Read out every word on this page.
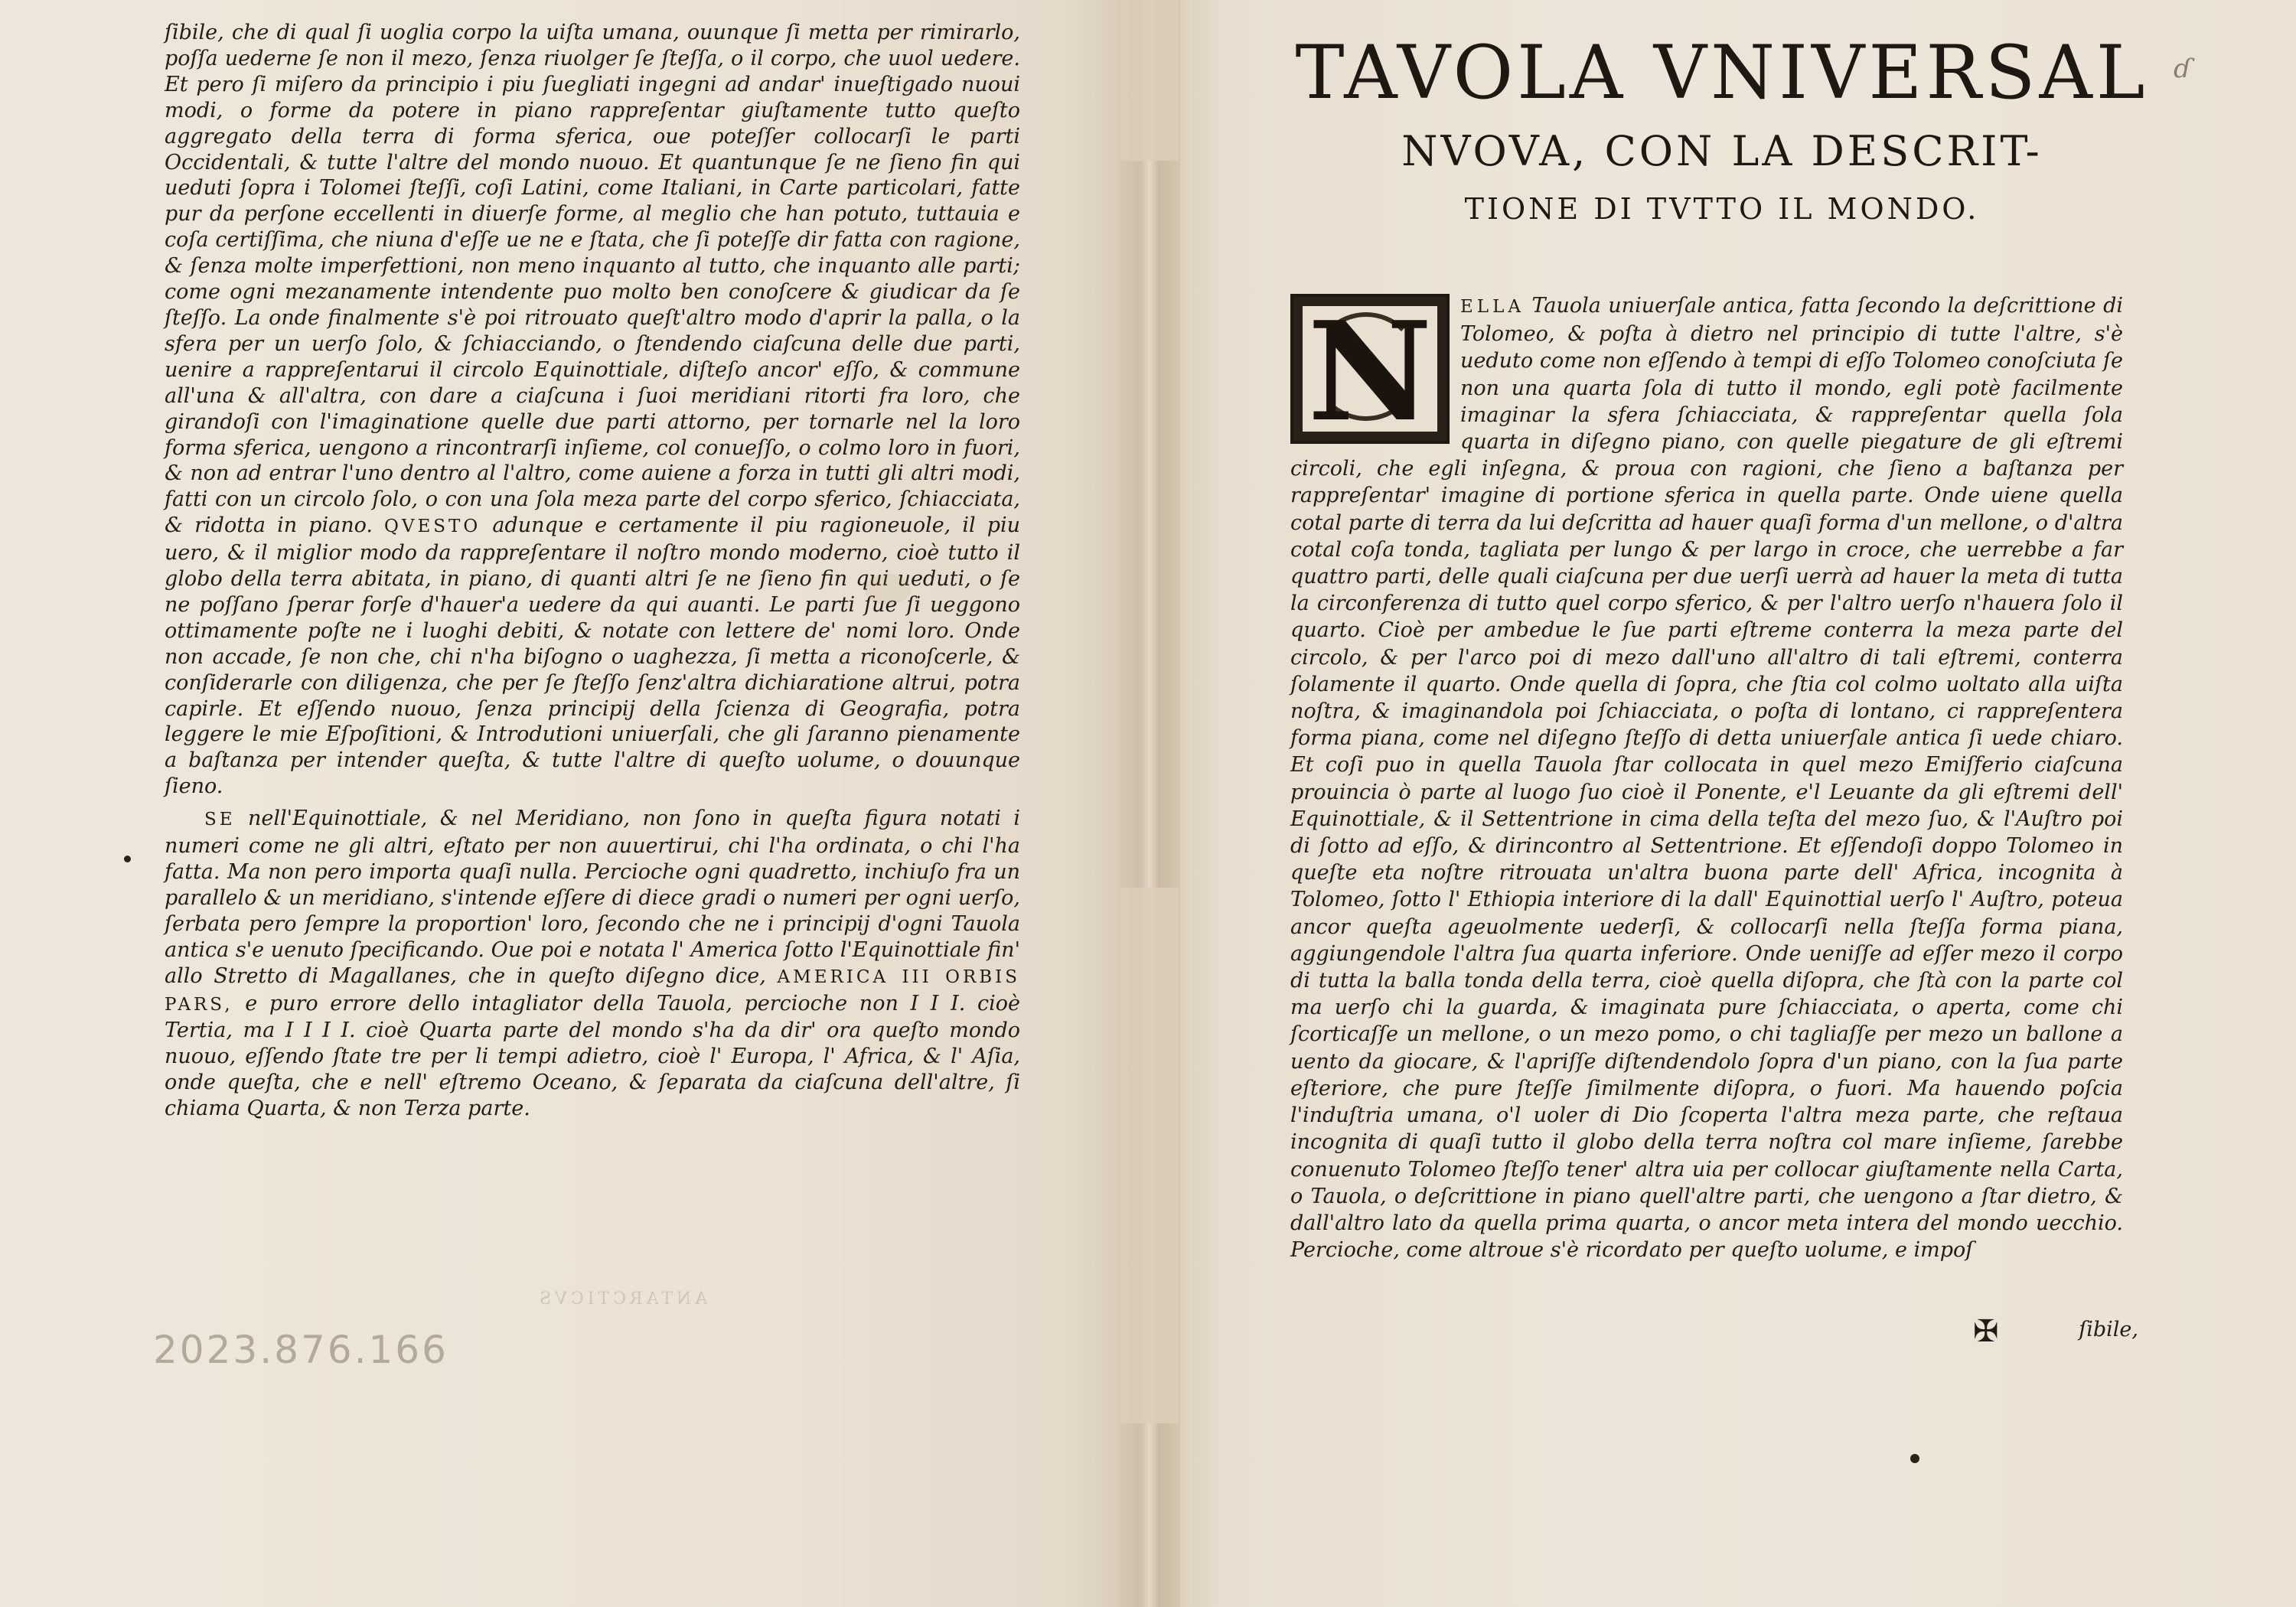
ſibile, che di qual ſi uoglia corpo la uiſta umana, ouunque ſi metta per rimirarlo, poſſa uederne ſe non il mezo, ſenza riuolger ſe ſteſſa, o il corpo, che uuol uedere. Et pero ſi miſero da principio i piu ſuegliati ingegni ad andar' inueſtigado nuoui modi, o forme da potere in piano rappreſentar giuſtamente tutto queſto aggregato della terra di forma sferica, oue poteſſer collocarſi le parti Occidentali, & tutte l'altre del mondo nuouo. Et quantunque ſe ne ſieno fin qui ueduti ſopra i Tolomei ſteſſi, coſi Latini, come Italiani, in Carte particolari, fatte pur da perſone eccellenti in diuerſe forme, al meglio che han potuto, tuttauia e coſa certiſſima, che niuna d'eſſe ue ne e ſtata, che ſi poteſſe dir fatta con ragione, & ſenza molte imperfettioni, non meno inquanto al tutto, che inquanto alle parti; come ogni mezanamente intendente puo molto ben conoſcere & giudicar da ſe ſteſſo. La onde finalmente s'è poi ritrouato queſt'altro modo d'aprir la palla, o la sfera per un uerſo ſolo, & ſchiacciando, o ſtendendo ciaſcuna delle due parti, uenire a rappreſentarui il circolo Equinottiale, diſteſo ancor' eſſo, & commune all'una & all'altra, con dare a ciaſcuna i ſuoi meridiani ritorti fra loro, che girandoſi con l'imaginatione quelle due parti attorno, per tornarle nel la loro forma sferica, uengono a rincontrarſi inſieme, col conueſſo, o colmo loro in fuori, & non ad entrar l'uno dentro al l'altro, come auiene a forza in tutti gli altri modi, fatti con un circolo ſolo, o con una ſola meza parte del corpo sferico, ſchiacciata, & ridotta in piano. QVESTO adunque e certamente il piu ragioneuole, il piu uero, & il miglior modo da rappreſentare il noſtro mondo moderno, cioè tutto il globo della terra abitata, in piano, di quanti altri ſe ne ſieno fin qui ueduti, o ſe ne poſſano ſperar forſe d'hauer'a uedere da qui auanti. Le parti ſue ſi ueggono ottimamente poſte ne i luoghi debiti, & notate con lettere de' nomi loro. Onde non accade, ſe non che, chi n'ha biſogno o uaghezza, ſi metta a riconoſcerle, & conſiderarle con diligenza, che per ſe ſteſſo ſenz'altra dichiaratione altrui, potra capirle. Et eſſendo nuouo, ſenza principij della ſcienza di Geografia, potra leggere le mie Eſpoſitioni, & Introdutioni uniuerſali, che gli ſaranno pienamente a baſtanza per intender queſta, & tutte l'altre di queſto uolume, o douunque ſieno.

SE nell'Equinottiale, & nel Meridiano, non ſono in queſta figura notati i numeri come ne gli altri, eſtato per non auuertirui, chi l'ha ordinata, o chi l'ha fatta. Ma non pero importa quaſi nulla. Percioche ogni quadretto, inchiuſo fra un parallelo & un meridiano, s'intende eſſere di diece gradi o numeri per ogni uerſo, ſerbata pero ſempre la proportion' loro, ſecondo che ne i principij d'ogni Tauola antica s'e uenuto ſpecificando. Oue poi e notata l' America ſotto l'Equinottiale fin' allo Stretto di Magallanes, che in queſto diſegno dice, AMERICA III ORBIS PARS, e puro errore dello intagliator della Tauola, percioche non I I I. cioè Tertia, ma I I I I. cioè Quarta parte del mondo s'ha da dir' ora queſto mondo nuouo, eſſendo ſtate tre per li tempi adietro, cioè l' Europa, l' Africa, & l' Aſia, onde queſta, che e nell' eſtremo Oceano, & ſeparata da ciaſcuna dell'altre, ſi chiama Quarta, & non Terza parte.

ANTARCTICVS
2023.876.166
TAVOLA VNIVERSAL
NVOVA, CON LA DESCRIT-
TIONE DI TVTTO IL MONDO.
ɗ
N	ELLA Tauola uniuerſale antica, fatta ſecondo la deſcrittione di Tolomeo, & poſta à dietro nel principio di tutte l'altre, s'è ueduto come non eſſendo à tempi di eſſo Tolomeo conoſciuta ſe non una quarta ſola di tutto il mondo, egli potè facilmente imaginar la sfera ſchiacciata, & rappreſentar quella ſola quarta in diſegno piano, con quelle piegature de gli eſtremi circoli, che egli inſegna, & proua con ragioni, che ſieno a baſtanza per rappreſentar' imagine di portione sferica in quella parte. Onde uiene quella cotal parte di terra da lui deſcritta ad hauer quaſi forma d'un mellone, o d'altra cotal coſa tonda, tagliata per lungo & per largo in croce, che uerrebbe a far quattro parti, delle quali ciaſcuna per due uerſi uerrà ad hauer la meta di tutta la circonferenza di tutto quel corpo sferico, & per l'altro uerſo n'hauera ſolo il quarto. Cioè per ambedue le ſue parti eſtreme conterra la meza parte del circolo, & per l'arco poi di mezo dall'uno all'altro di tali eſtremi, conterra ſolamente il quarto. Onde quella di ſopra, che ſtia col colmo uoltato alla uiſta noſtra, & imaginandola poi ſchiacciata, o poſta di lontano, ci rappreſentera forma piana, come nel diſegno ſteſſo di detta uniuerſale antica ſi uede chiaro. Et coſi puo in quella Tauola ſtar collocata in quel mezo Emiſferio ciaſcuna prouincia ò parte al luogo ſuo cioè il Ponente, e'l Leuante da gli eſtremi dell' Equinottiale, & il Settentrione in cima della teſta del mezo ſuo, & l'Auſtro poi di ſotto ad eſſo, & dirincontro al Settentrione. Et eſſendoſi doppo Tolomeo in queſte eta noſtre ritrouata un'altra buona parte dell' Africa, incognita à Tolomeo, ſotto l' Ethiopia interiore di la dall' Equinottial uerſo l' Auſtro, poteua ancor queſta ageuolmente uederſi, & collocarſi nella ſteſſa forma piana, aggiungendole l'altra ſua quarta inferiore. Onde ueniſſe ad eſſer mezo il corpo di tutta la balla tonda della terra, cioè quella diſopra, che ſtà con la parte col ma uerſo chi la guarda, & imaginata pure ſchiacciata, o aperta, come chi ſcorticaſſe un mellone, o un mezo pomo, o chi tagliaſſe per mezo un ballone a uento da giocare, & l'apriſſe diſtendendolo ſopra d'un piano, con la ſua parte eſteriore, che pure ſteſſe ſimilmente diſopra, o fuori. Ma hauendo poſcia l'induſtria umana, o'l uoler di Dio ſcoperta l'altra meza parte, che reſtaua incognita di quaſi tutto il globo della terra noſtra col mare inſieme, ſarebbe conuenuto Tolomeo ſteſſo tener' altra uia per collocar giuſtamente nella Carta, o Tauola, o deſcrittione in piano quell'altre parti, che uengono a ſtar dietro, & dall'altro lato da quella prima quarta, o ancor meta intera del mondo uecchio. Percioche, come altroue s'è ricordato per queſto uolume, e impoſ
✠	ſibile,
